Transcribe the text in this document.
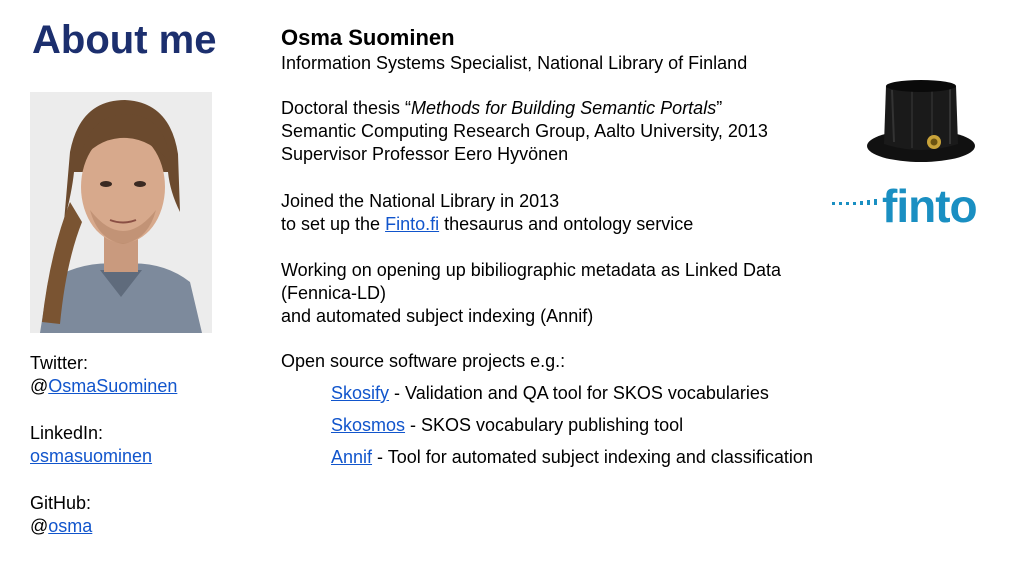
About me
Twitter:
@OsmaSuominen
LinkedIn:
osmasuominen
GitHub:
@osma
Osma Suominen
Information Systems Specialist, National Library of Finland
Doctoral thesis “Methods for Building Semantic Portals”
Semantic Computing Research Group, Aalto University, 2013
Supervisor Professor Eero Hyvönen
Joined the National Library in 2013
to set up the Finto.fi thesaurus and ontology service
Working on opening up bibiliographic metadata as Linked Data (Fennica-LD)
and automated subject indexing (Annif)
Open source software projects e.g.:
Skosify - Validation and QA tool for SKOS vocabularies
Skosmos - SKOS vocabulary publishing tool
Annif - Tool for automated subject indexing and classification
finto
